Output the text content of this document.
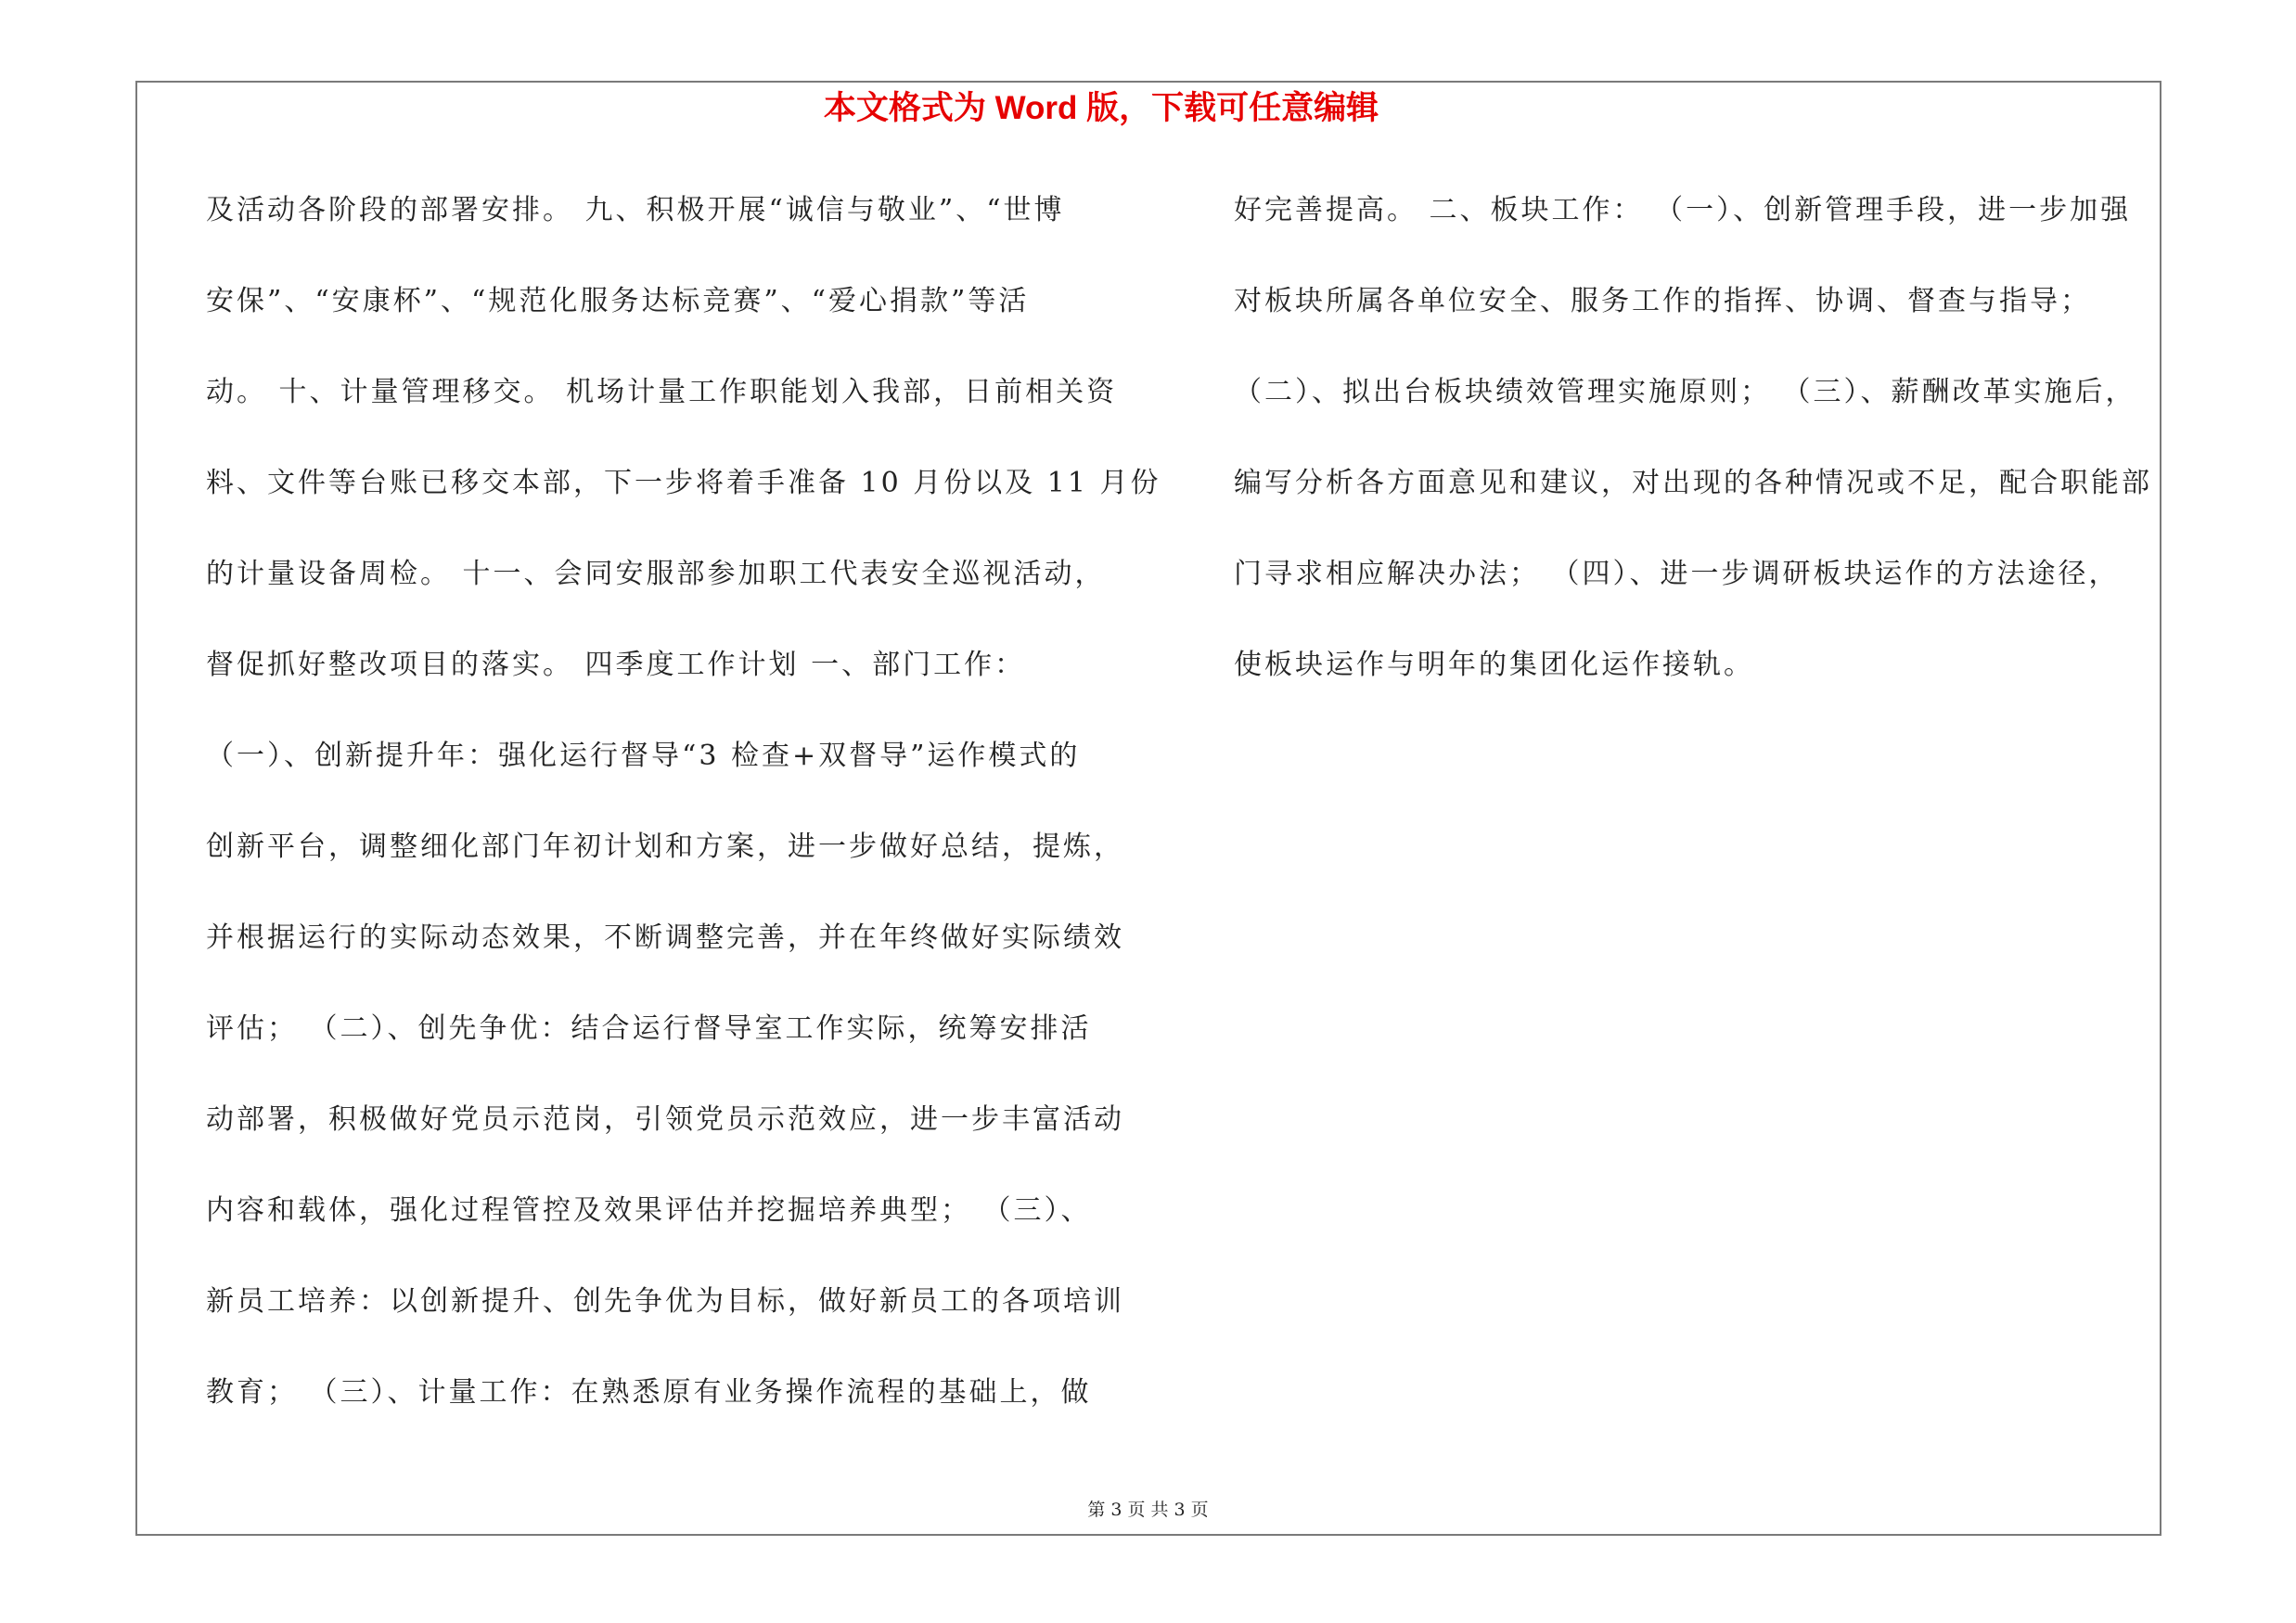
本文格式为 Word 版，下载可任意编辑
及活动各阶段的部署安排。 九、积极开展“诚信与敬业”、“世博
安保”、“安康杯”、“规范化服务达标竞赛”、“爱心捐款”等活
动。 十、计量管理移交。 机场计量工作职能划入我部，日前相关资
料、文件等台账已移交本部，下一步将着手准备 10 月份以及 11 月份
的计量设备周检。 十一、会同安服部参加职工代表安全巡视活动，
督促抓好整改项目的落实。 四季度工作计划 一、部门工作：
（一）、创新提升年：强化运行督导“3 检查+双督导”运作模式的
创新平台，调整细化部门年初计划和方案，进一步做好总结，提炼，
并根据运行的实际动态效果，不断调整完善，并在年终做好实际绩效
评估； （二）、创先争优：结合运行督导室工作实际，统筹安排活
动部署，积极做好党员示范岗，引领党员示范效应，进一步丰富活动
内容和载体，强化过程管控及效果评估并挖掘培养典型； （三）、
新员工培养：以创新提升、创先争优为目标，做好新员工的各项培训
教育； （三）、计量工作：在熟悉原有业务操作流程的基础上，做
好完善提高。 二、板块工作： （一）、创新管理手段，进一步加强
对板块所属各单位安全、服务工作的指挥、协调、督查与指导；
（二）、拟出台板块绩效管理实施原则； （三）、薪酬改革实施后，
编写分析各方面意见和建议，对出现的各种情况或不足，配合职能部
门寻求相应解决办法； （四）、进一步调研板块运作的方法途径，
使板块运作与明年的集团化运作接轨。
第 3 页 共 3 页
